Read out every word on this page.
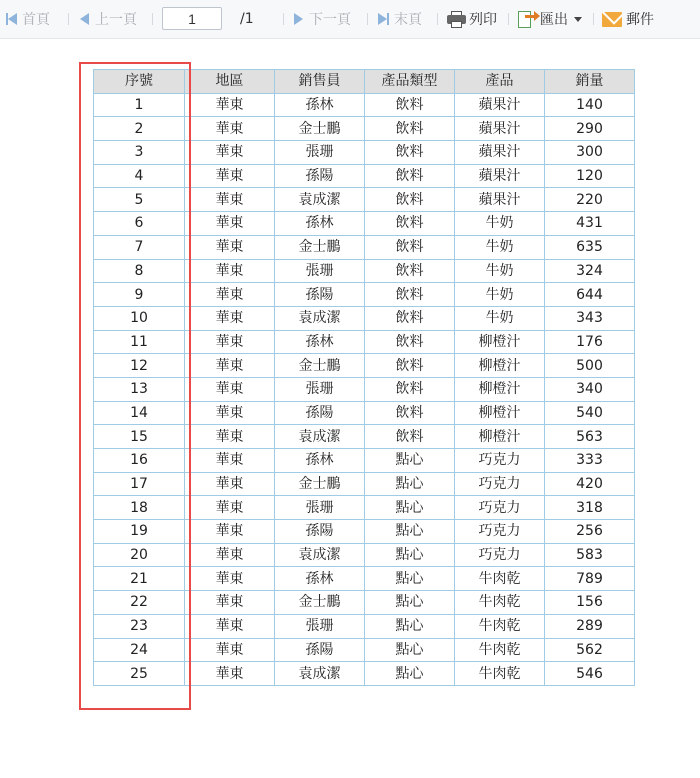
首頁	上一頁
1	/1	下一頁	末頁	列印	匯出	郵件
序號	地區	銷售員	產品類型	產品	銷量
1	華東	孫林	飲料	蘋果汁	140
2	華東	金士鵬	飲料	蘋果汁	290
3	華東	張珊	飲料	蘋果汁	300
4	華東	孫陽	飲料	蘋果汁	120
5	華東	袁成潔	飲料	蘋果汁	220
6	華東	孫林	飲料	牛奶	431
7	華東	金士鵬	飲料	牛奶	635
8	華東	張珊	飲料	牛奶	324
9	華東	孫陽	飲料	牛奶	644
10	華東	袁成潔	飲料	牛奶	343
11	華東	孫林	飲料	柳橙汁	176
12	華東	金士鵬	飲料	柳橙汁	500
13	華東	張珊	飲料	柳橙汁	340
14	華東	孫陽	飲料	柳橙汁	540
15	華東	袁成潔	飲料	柳橙汁	563
16	華東	孫林	點心	巧克力	333
17	華東	金士鵬	點心	巧克力	420
18	華東	張珊	點心	巧克力	318
19	華東	孫陽	點心	巧克力	256
20	華東	袁成潔	點心	巧克力	583
21	華東	孫林	點心	牛肉乾	789
22	華東	金士鵬	點心	牛肉乾	156
23	華東	張珊	點心	牛肉乾	289
24	華東	孫陽	點心	牛肉乾	562
25	華東	袁成潔	點心	牛肉乾	546
